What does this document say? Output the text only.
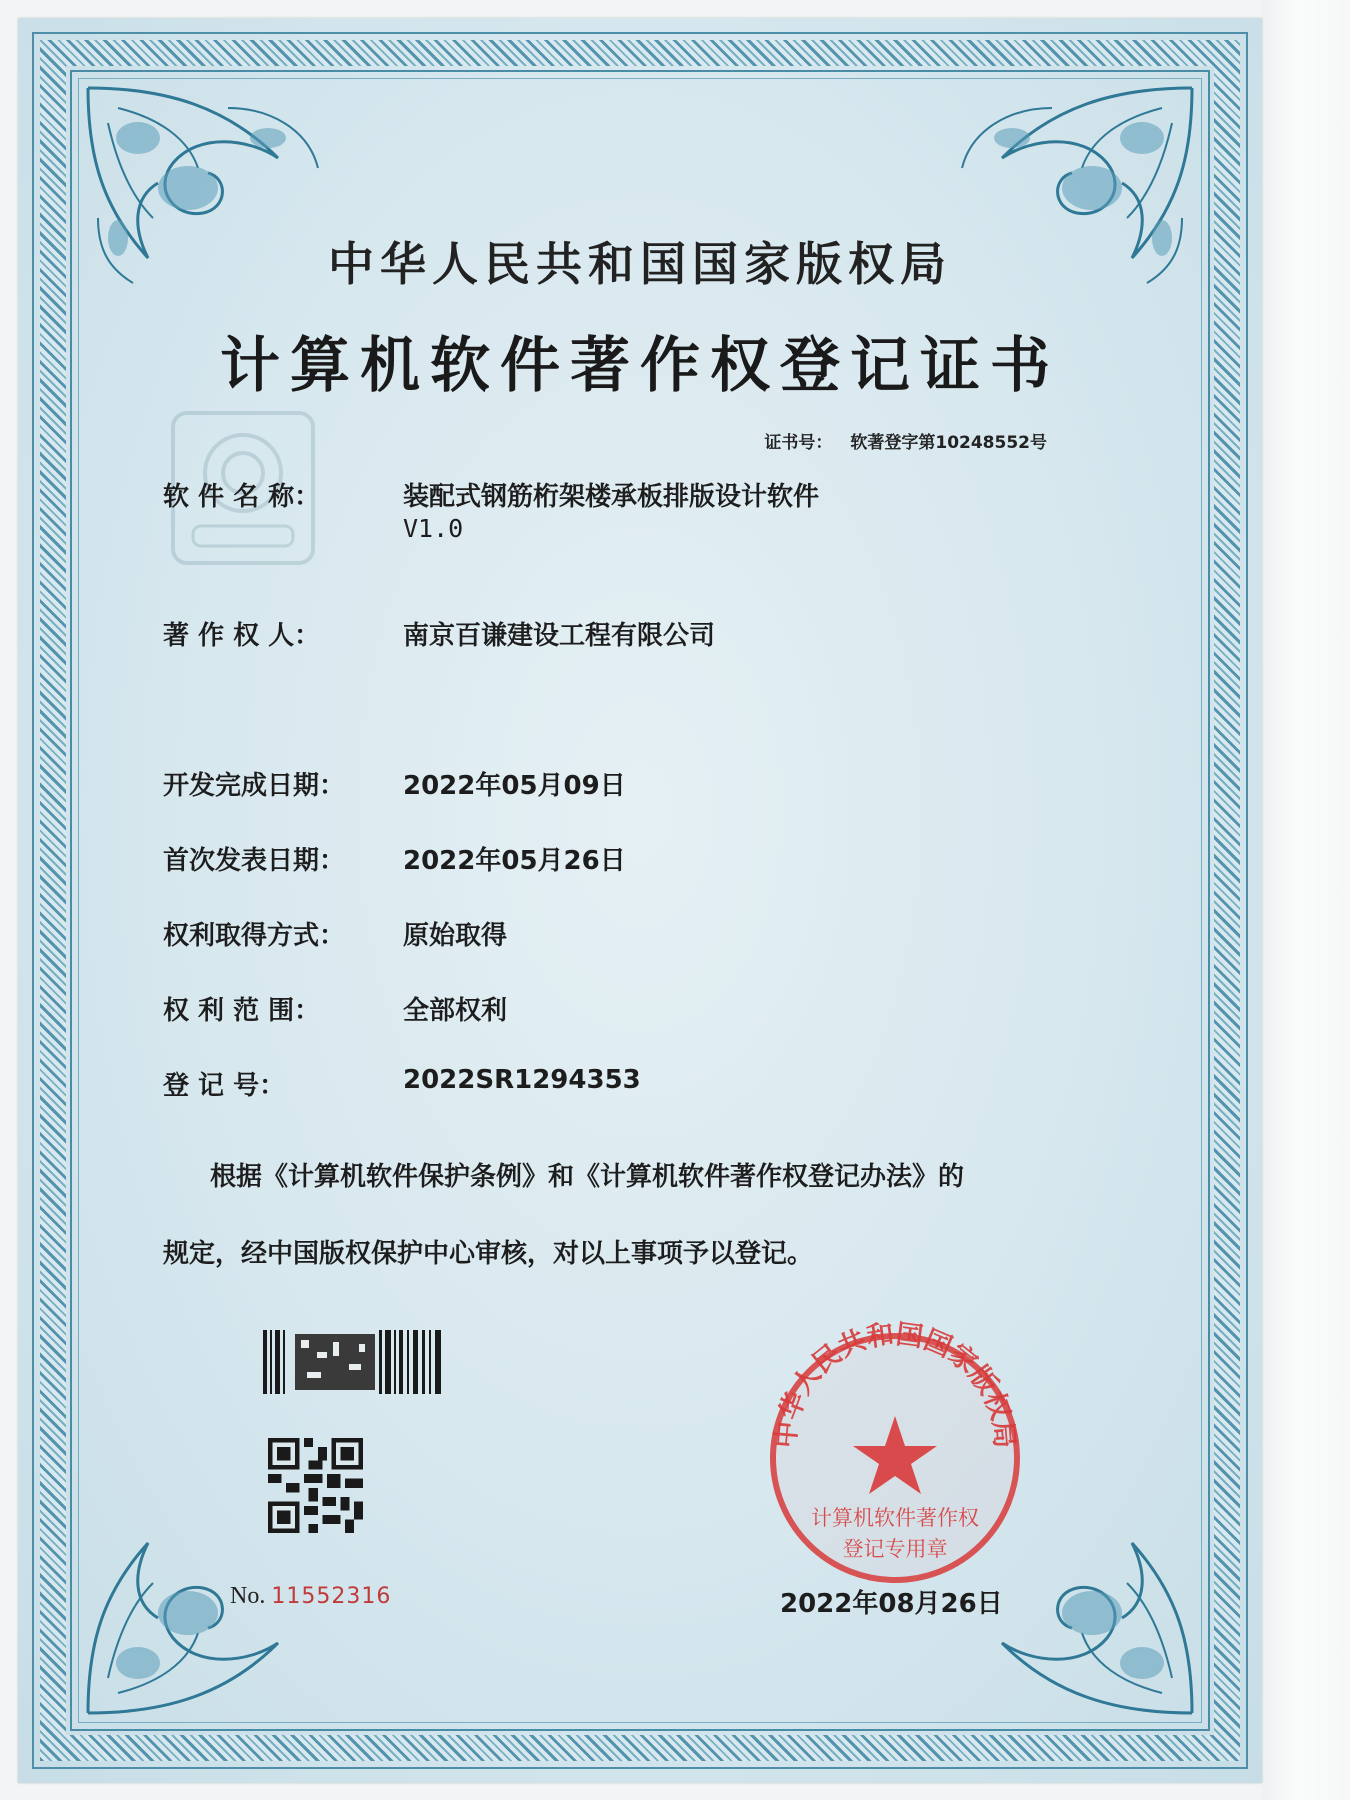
中华人民共和国国家版权局
计算机软件著作权登记证书
证书号： 软著登字第10248552号
软 件 名 称：	装配式钢筋桁架楼承板排版设计软件
V1.0
著 作 权 人：	南京百谦建设工程有限公司
开发完成日期：	2022年05月09日
首次发表日期：	2022年05月26日
权利取得方式：	原始取得
权 利 范 围：	全部权利
登 记 号：	2022SR1294353
根据《计算机软件保护条例》和《计算机软件著作权登记办法》的
规定，经中国版权保护中心审核，对以上事项予以登记。
No. 11552316
中华人民共和国国家版权局
计算机软件著作权
登记专用章
2022年08月26日
